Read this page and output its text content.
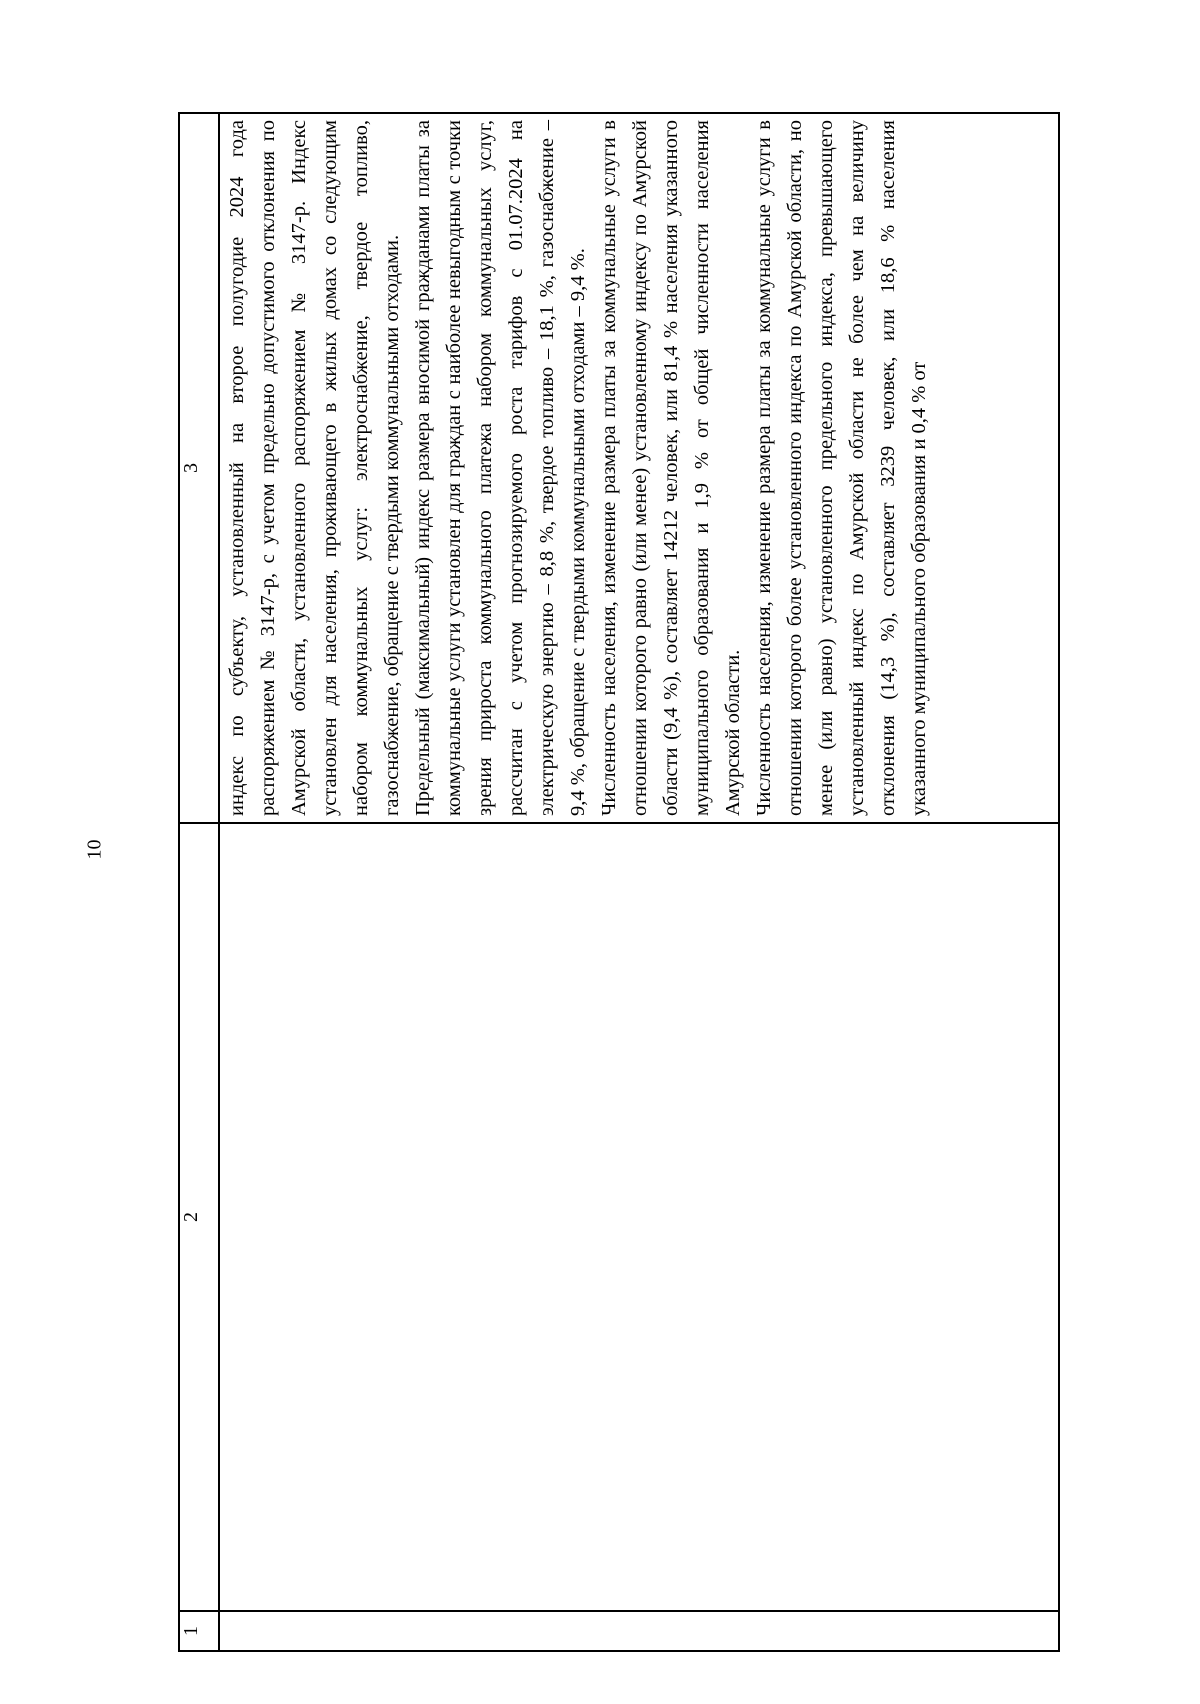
10
1	2	3

		индекс по субъекту, установленный на второе полугодие 2024 года распоряжением № 3147-р, с учетом предельно допустимого отклонения по Амурской области, установленного распоряжением № 3147-р. Индекс установлен для населения, проживающего в жилых домах со следующим набором коммунальных услуг: электроснабжение, твердое топливо, газоснабжение, обращение с твердыми коммунальными отходами. Предельный (максимальный) индекс размера вносимой гражданами платы за коммунальные услуги установлен для граждан с наиболее невыгодным с точки зрения прироста коммунального платежа набором коммунальных услуг, рассчитан с учетом прогнозируемого роста тарифов с 01.07.2024 на электрическую энергию – 8,8 %, твердое топливо – 18,1 %, газоснабжение – 9,4 %, обращение с твердыми коммунальными отходами – 9,4 %. Численность населения, изменение размера платы за коммунальные услуги в отношении которого равно (или менее) установленному индексу по Амурской области (9,4 %), составляет 14212 человек, или 81,4 % населения указанного муниципального образования и 1,9 % от общей численности населения Амурской области. Численность населения, изменение размера платы за коммунальные услуги в отношении которого более установленного индекса по Амурской области, но менее (или равно) установленного предельного индекса, превышающего установленный индекс по Амурской области не более чем на величину отклонения (14,3 %), составляет 3239 человек, или 18,6 % населения указанного муниципального образования и 0,4 % от
